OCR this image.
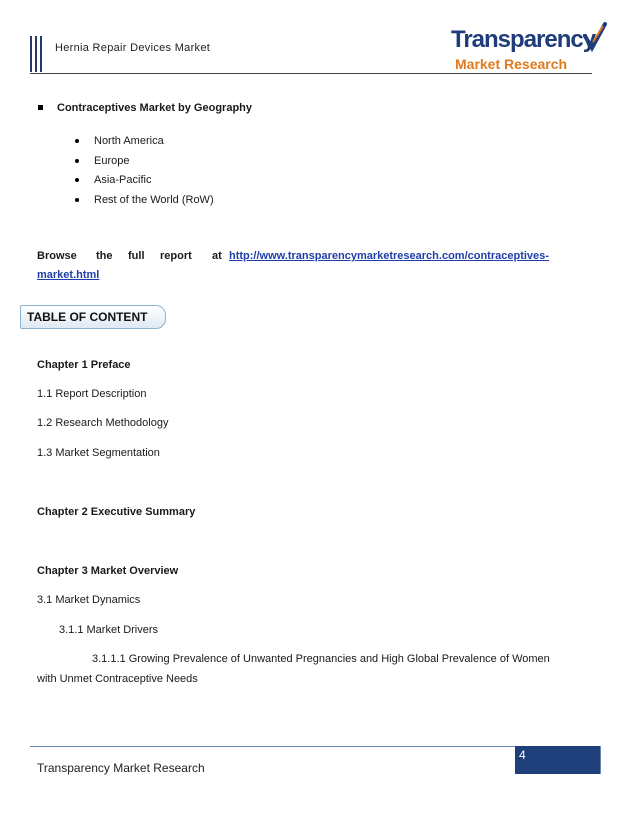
Hernia Repair Devices Market	Transparency
Market Research
Contraceptives Market by Geography
North America
Europe
Asia-Pacific
Rest of the World (RoW)
Browse the full report at http://www.transparencymarketresearch.com/contraceptives-
market.html
TABLE OF CONTENT
Chapter 1 Preface
1.1 Report Description
1.2 Research Methodology
1.3 Market Segmentation
Chapter 2 Executive Summary
Chapter 3 Market Overview
3.1 Market Dynamics
3.1.1 Market Drivers
3.1.1.1 Growing Prevalence of Unwanted Pregnancies and High Global Prevalence of Women
with Unmet Contraceptive Needs
4
Transparency Market Research
